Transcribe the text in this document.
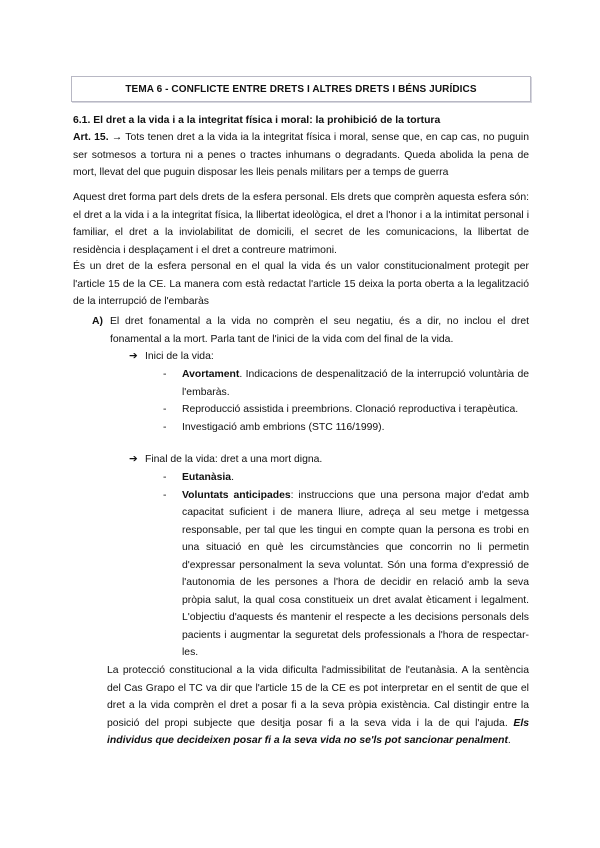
TEMA 6 - CONFLICTE ENTRE DRETS I ALTRES DRETS I BÉNS JURÍDICS
6.1. El dret a la vida i a la integritat física i moral: la prohibició de la tortura
Art. 15. → Tots tenen dret a la vida ia la integritat física i moral, sense que, en cap cas, no puguin ser sotmesos a tortura ni a penes o tractes inhumans o degradants. Queda abolida la pena de mort, llevat del que puguin disposar les lleis penals militars per a temps de guerra
Aquest dret forma part dels drets de la esfera personal. Els drets que comprèn aquesta esfera són: el dret a la vida i a la integritat física, la llibertat ideològica, el dret a l'honor i a la intimitat personal i familiar, el dret a la inviolabilitat de domicili, el secret de les comunicacions, la llibertat de residència i desplaçament i el dret a contreure matrimoni.
És un dret de la esfera personal en el qual la vida és un valor constitucionalment protegit per l'article 15 de la CE. La manera com està redactat l'article 15 deixa la porta oberta a la legalització de la interrupció de l'embaràs
A) El dret fonamental a la vida no comprèn el seu negatiu, és a dir, no inclou el dret fonamental a la mort. Parla tant de l'inici de la vida com del final de la vida.
➔ Inici de la vida:
- Avortament. Indicacions de despenalització de la interrupció voluntària de l'embaràs.
- Reproducció assistida i preembrions. Clonació reproductiva i terapèutica.
- Investigació amb embrions (STC 116/1999).
➔ Final de la vida: dret a una mort digna.
- Eutanàsia.
- Voluntats anticipades: instruccions que una persona major d'edat amb capacitat suficient i de manera lliure, adreça al seu metge i metgessa responsable, per tal que les tingui en compte quan la persona es trobi en una situació en què les circumstàncies que concorrin no li permetin d'expressar personalment la seva voluntat. Són una forma d'expressió de l'autonomia de les persones a l'hora de decidir en relació amb la seva pròpia salut, la qual cosa constitueix un dret avalat èticament i legalment. L'objectiu d'aquests és mantenir el respecte a les decisions personals dels pacients i augmentar la seguretat dels professionals a l'hora de respectar-les.
La protecció constitucional a la vida dificulta l'admissibilitat de l'eutanàsia. A la sentència del Cas Grapo el TC va dir que l'article 15 de la CE es pot interpretar en el sentit de que el dret a la vida comprèn el dret a posar fi a la seva pròpia existència. Cal distingir entre la posició del propi subjecte que desitja posar fi a la seva vida i la de qui l'ajuda. Els individus que decideixen posar fi a la seva vida no se'ls pot sancionar penalment.
